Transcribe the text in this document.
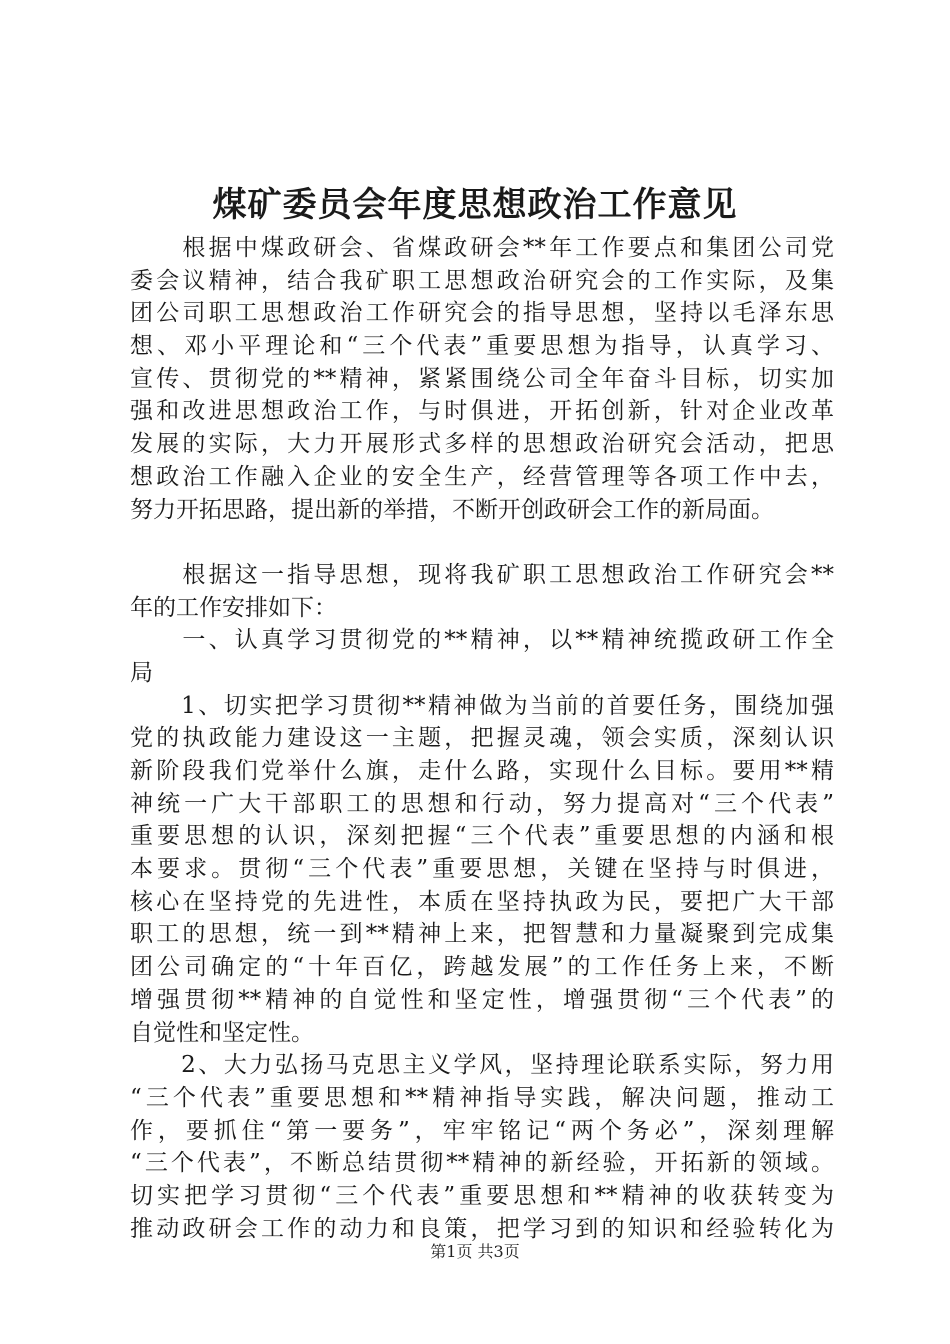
煤矿委员会年度思想政治工作意见
　　根据中煤政研会、省煤政研会**年工作要点和集团公司党
委会议精神，结合我矿职工思想政治研究会的工作实际，及集
团公司职工思想政治工作研究会的指导思想，坚持以毛泽东思
想、邓小平理论和“三个代表”重要思想为指导，认真学习、
宣传、贯彻党的**精神，紧紧围绕公司全年奋斗目标，切实加
强和改进思想政治工作，与时俱进，开拓创新，针对企业改革
发展的实际，大力开展形式多样的思想政治研究会活动，把思
想政治工作融入企业的安全生产，经营管理等各项工作中去，
努力开拓思路，提出新的举措，不断开创政研会工作的新局面。
　　根据这一指导思想，现将我矿职工思想政治工作研究会**
年的工作安排如下：
　　一、认真学习贯彻党的**精神，以**精神统揽政研工作全
局
　　1、切实把学习贯彻**精神做为当前的首要任务，围绕加强
党的执政能力建设这一主题，把握灵魂，领会实质，深刻认识
新阶段我们党举什么旗，走什么路，实现什么目标。要用**精
神统一广大干部职工的思想和行动，努力提高对“三个代表”
重要思想的认识，深刻把握“三个代表”重要思想的内涵和根
本要求。贯彻“三个代表”重要思想，关键在坚持与时俱进，
核心在坚持党的先进性，本质在坚持执政为民，要把广大干部
职工的思想，统一到**精神上来，把智慧和力量凝聚到完成集
团公司确定的“十年百亿，跨越发展”的工作任务上来，不断
增强贯彻**精神的自觉性和坚定性，增强贯彻“三个代表”的
自觉性和坚定性。
　　2、大力弘扬马克思主义学风，坚持理论联系实际，努力用
“三个代表”重要思想和**精神指导实践，解决问题，推动工
作，要抓住“第一要务”，牢牢铭记“两个务必”，深刻理解
“三个代表”，不断总结贯彻**精神的新经验，开拓新的领域。
切实把学习贯彻“三个代表”重要思想和**精神的收获转变为
推动政研会工作的动力和良策，把学习到的知识和经验转化为
第1页 共3页
